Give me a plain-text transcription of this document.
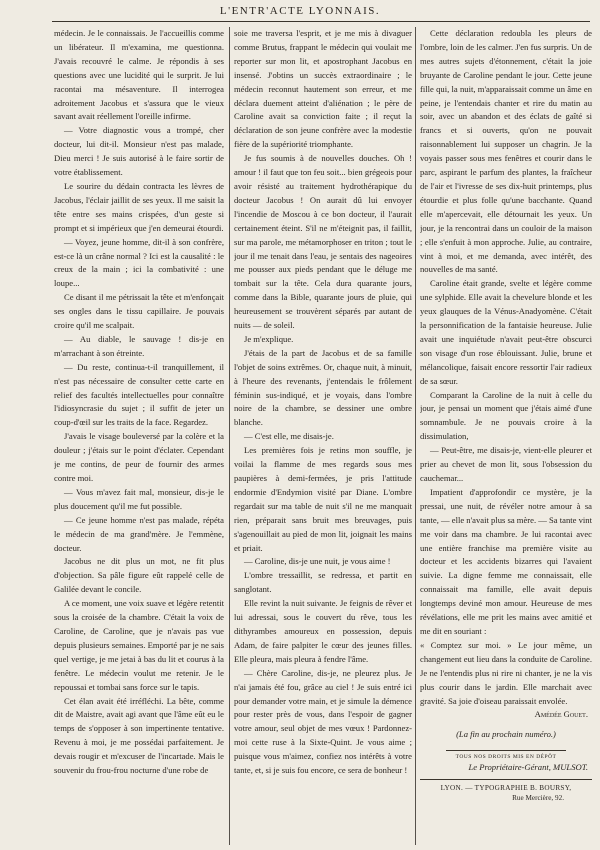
L'ENTR'ACTE LYONNAIS.

médecin. Je le connaissais. Je l'accueillis comme un libérateur. Il m'examina, me questionna. J'avais recouvré le calme. Je répondis à ses questions avec une lucidité qui le surprit. Je lui racontai ma mésaventure. Il interrogea adroitement Jacobus et s'assura que le vieux savant avait réellement l'oreille infirme.

— Votre diagnostic vous a trompé, cher docteur, lui dit-il. Monsieur n'est pas malade, Dieu merci ! Je suis autorisé à le faire sortir de votre établissement.

Le sourire du dédain contracta les lèvres de Jacobus, l'éclair jaillit de ses yeux. Il me saisit la tête entre ses mains crispées, d'un geste si prompt et si impérieux que j'en demeurai étourdi.

— Voyez, jeune homme, dit-il à son confrère, est-ce là un crâne normal ? Ici est la causalité : le creux de la main ; ici la combativité : une loupe...

Ce disant il me pétrissait la tête et m'enfonçait ses ongles dans le tissu capillaire. Je pouvais croire qu'il me scalpait.

— Au diable, le sauvage ! dis-je en m'arrachant à son étreinte.

— Du reste, continua-t-il tranquillement, il n'est pas nécessaire de consulter cette carte en relief des facultés intellectuelles pour connaître l'idiosyncrasie du sujet ; il suffit de jeter un coup-d'œil sur les traits de la face. Regardez.

J'avais le visage bouleversé par la colère et la douleur ; j'étais sur le point d'éclater. Cependant je me contins, de peur de fournir des armes contre moi.

— Vous m'avez fait mal, monsieur, dis-je le plus doucement qu'il me fut possible.

— Ce jeune homme n'est pas malade, répéta le médecin de ma grand'mère. Je l'emmène, docteur.

Jacobus ne dit plus un mot, ne fit plus d'objection. Sa pâle figure eût rappelé celle de Galilée devant le concile.

A ce moment, une voix suave et légère retentit sous la croisée de la chambre. C'était la voix de Caroline, de Caroline, que je n'avais pas vue depuis plusieurs semaines. Emporté par je ne sais quel vertige, je me jetai à bas du lit et courus à la fenêtre. Le médecin voulut me retenir. Je le repoussai et tombai sans force sur le tapis.

Cet élan avait été irréfléchi. La bête, comme dit de Maistre, avait agi avant que l'âme eût eu le temps de s'opposer à son impertinente tentative. Revenu à moi, je me possédai parfaitement. Je devais rougir et m'excuser de l'incartade. Mais le souvenir du frou-frou nocturne d'une robe de

soie me traversa l'esprit, et je me mis à divaguer comme Brutus, frappant le médecin qui voulait me reporter sur mon lit, et apostrophant Jacobus en insensé. J'obtins un succès extraordinaire ; le médecin reconnut hautement son erreur, et me déclara duement atteint d'aliénation ; le père de Caroline avait sa conviction faite ; il reçut la déclaration de son jeune confrère avec la modestie fière de la supériorité triomphante.

Je fus soumis à de nouvelles douches. Oh ! amour ! il faut que ton feu soit... bien grégeois pour avoir résisté au traitement hydrothérapique du docteur Jacobus ! On aurait dû lui envoyer l'incendie de Moscou à ce bon docteur, il l'aurait certainement éteint. S'il ne m'éteignit pas, il faillit, sur ma parole, me métamorphoser en triton ; tout le jour il me tenait dans l'eau, je sentais des nageoires me pousser aux pieds pendant que le déluge me tombait sur la tête. Cela dura quarante jours, comme dans la Bible, quarante jours de pluie, qui heureusement se trouvèrent séparés par autant de nuits — de soleil.

Je m'explique.

J'étais de la part de Jacobus et de sa famille l'objet de soins extrêmes. Or, chaque nuit, à minuit, à l'heure des revenants, j'entendais le frôlement féminin sus-indiqué, et je voyais, dans l'ombre noire de la chambre, se dessiner une ombre blanche.

— C'est elle, me disais-je.

Les premières fois je retins mon souffle, je voilai la flamme de mes regards sous mes paupières à demi-fermées, je pris l'attitude endormie d'Endymion visité par Diane. L'ombre regardait sur ma table de nuit s'il ne me manquait rien, préparait sans bruit mes breuvages, puis s'agenouillait au pied de mon lit, joignait les mains et priait.

— Caroline, dis-je une nuit, je vous aime !

L'ombre tressaillit, se redressa, et partit en sanglotant.

Elle revint la nuit suivante. Je feignis de rêver et lui adressai, sous le couvert du rêve, tous les dithyrambes amoureux en possession, depuis Adam, de faire palpiter le cœur des jeunes filles. Elle pleura, mais pleura à fendre l'âme.

— Chère Caroline, dis-je, ne pleurez plus. Je n'ai jamais été fou, grâce au ciel ! Je suis entré ici pour demander votre main, et je simule la démence pour rester près de vous, dans l'espoir de gagner votre amour, seul objet de mes vœux ! Pardonnez-moi cette ruse à la Sixte-Quint. Je vous aime ; puisque vous m'aimez, confiez nos intérêts à votre tante, et, si je suis fou encore, ce sera de bonheur !

Cette déclaration redoubla les pleurs de l'ombre, loin de les calmer. J'en fus surpris. Un de mes autres sujets d'étonnement, c'était la joie bruyante de Caroline pendant le jour. Cette jeune fille qui, la nuit, m'apparaissait comme un âme en peine, je l'entendais chanter et rire du matin au soir, avec un abandon et des éclats de gaîté si francs et si ouverts, qu'on ne pouvait raisonnablement lui supposer un chagrin. Je la voyais passer sous mes fenêtres et courir dans le parc, aspirant le parfum des plantes, la fraîcheur de l'air et l'ivresse de ses dix-huit printemps, plus étourdie et plus folle qu'une bacchante. Quand elle m'apercevait, elle détournait les yeux. Un jour, je la rencontrai dans un couloir de la maison ; elle s'enfuit à mon approche. Julie, au contraire, vint à moi, et me demanda, avec intérêt, des nouvelles de ma santé.

Caroline était grande, svelte et légère comme une sylphide. Elle avait la chevelure blonde et les yeux glauques de la Vénus-Anadyomène. C'était la personnification de la fantaisie heureuse. Julie avait une inquiétude n'avait peut-être obscurci son visage d'un rose éblouissant. Julie, brune et mélancolique, faisait encore ressortir l'air radieux de sa sœur.

Comparant la Caroline de la nuit à celle du jour, je pensai un moment que j'étais aimé d'une somnambule. Je ne pouvais croire à la dissimulation,

— Peut-être, me disais-je, vient-elle pleurer et prier au chevet de mon lit, sous l'obsession du cauchemar...

Impatient d'approfondir ce mystère, je la pressai, une nuit, de révéler notre amour à sa tante, — elle n'avait plus sa mère. — Sa tante vint me voir dans ma chambre. Je lui racontai avec une entière franchise ma première visite au docteur et les accidents bizarres qui l'avaient suivie. La digne femme me connaissait, elle connaissait ma famille, elle avait depuis longtemps deviné mon amour. Heureuse de mes révélations, elle me prit les mains avec amitié et me dit en souriant :

« Comptez sur moi. » Le jour même, un changement eut lieu dans la conduite de Caroline. Je ne l'entendis plus ni rire ni chanter, je ne la vis plus courir dans le jardin. Elle marchait avec gravité. Sa joie d'oiseau paraissait envolée.

Amédée Gouet.
(La fin au prochain numéro.)
TOUS NOS DROITS MIS EN DÉPÔT
Le Propriétaire-Gérant, MULSOT.
LYON. — TYPOGRAPHIE B. BOURSY,
Rue Mercière, 92.
